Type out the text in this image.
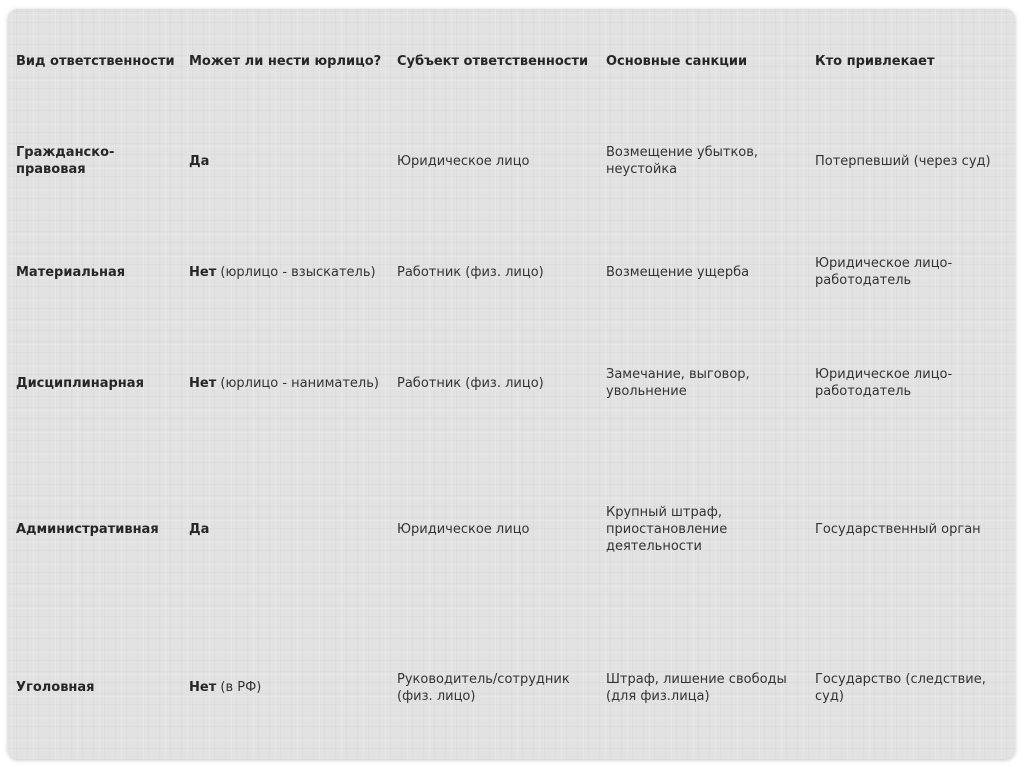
Вид ответственности	Может ли нести юрлицо?	Субъект ответственности	Основные санкции	Кто привлекает
Гражданско-правовая	Да	Юридическое лицо	Возмещение убытков, неустойка	Потерпевший (через суд)
Материальная	Нет (юрлицо - взыскатель)	Работник (физ. лицо)	Возмещение ущерба	Юридическое лицо-работодатель
Дисциплинарная	Нет (юрлицо - наниматель)	Работник (физ. лицо)	Замечание, выговор, увольнение	Юридическое лицо-работодатель
Административная	Да	Юридическое лицо	Крупный штраф, приостановление деятельности	Государственный орган
Уголовная	Нет (в РФ)	Руководитель/сотрудник (физ. лицо)	Штраф, лишение свободы (для физ.лица)	Государство (следствие, суд)
